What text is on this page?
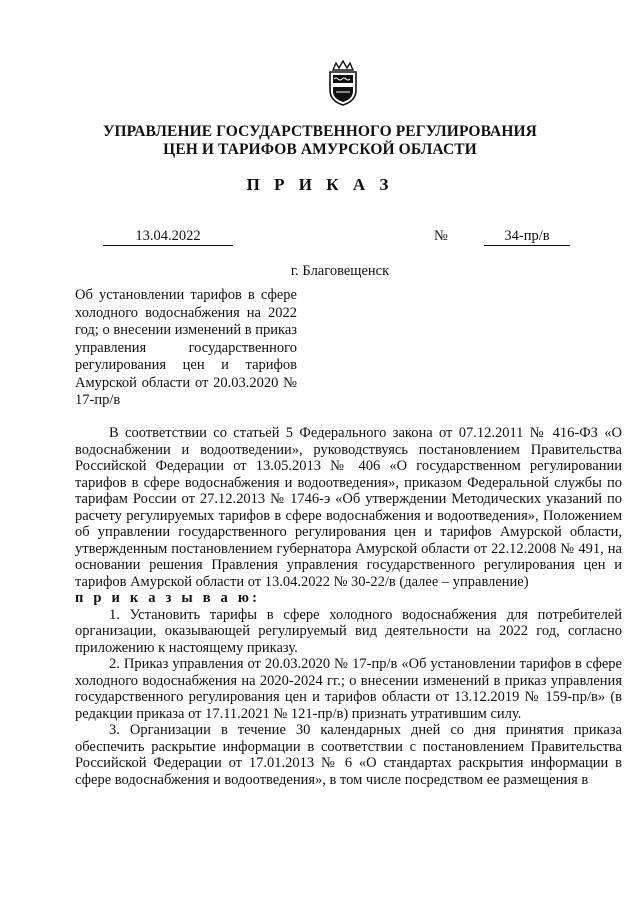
УПРАВЛЕНИЕ ГОСУДАРСТВЕННОГО РЕГУЛИРОВАНИЯ
ЦЕН И ТАРИФОВ АМУРСКОЙ ОБЛАСТИ
П Р И К А З
13.04.2022	№	34-пр/в
г. Благовещенск
Об установлении тарифов в сфере холодного водоснабжения на 2022 год; о внесении изменений в приказ управления государственного регулирования цен и тарифов Амурской области от 20.03.2020 № 17-пр/в

В соответствии со статьей 5 Федерального закона от 07.12.2011 № 416-ФЗ «О водоснабжении и водоотведении», руководствуясь постановлением Правительства Российской Федерации от 13.05.2013 № 406 «О государственном регулировании тарифов в сфере водоснабжения и водоотведения», приказом Федеральной службы по тарифам России от 27.12.2013 № 1746-э «Об утверждении Методических указаний по расчету регулируемых тарифов в сфере водоснабжения и водоотведения», Положением об управлении государственного регулирования цен и тарифов Амурской области, утвержденным постановлением губернатора Амурской области от 22.12.2008 № 491, на основании решения Правления управления государственного регулирования цен и тарифов Амурской области от 13.04.2022 № 30-22/в (далее – управление)

п р и к а з ы в а ю:

1. Установить тарифы в сфере холодного водоснабжения для потребителей организации, оказывающей регулируемый вид деятельности на 2022 год, согласно приложению к настоящему приказу.

2. Приказ управления от 20.03.2020 № 17-пр/в «Об установлении тарифов в сфере холодного водоснабжения на 2020-2024 гг.; о внесении изменений в приказ управления государственного регулирования цен и тарифов области от 13.12.2019 № 159-пр/в» (в редакции приказа от 17.11.2021 № 121-пр/в) признать утратившим силу.

3. Организации в течение 30 календарных дней со дня принятия приказа обеспечить раскрытие информации в соответствии с постановлением Правительства Российской Федерации от 17.01.2013 № 6 «О стандартах раскрытия информации в сфере водоснабжения и водоотведения», в том числе посредством ее размещения в
